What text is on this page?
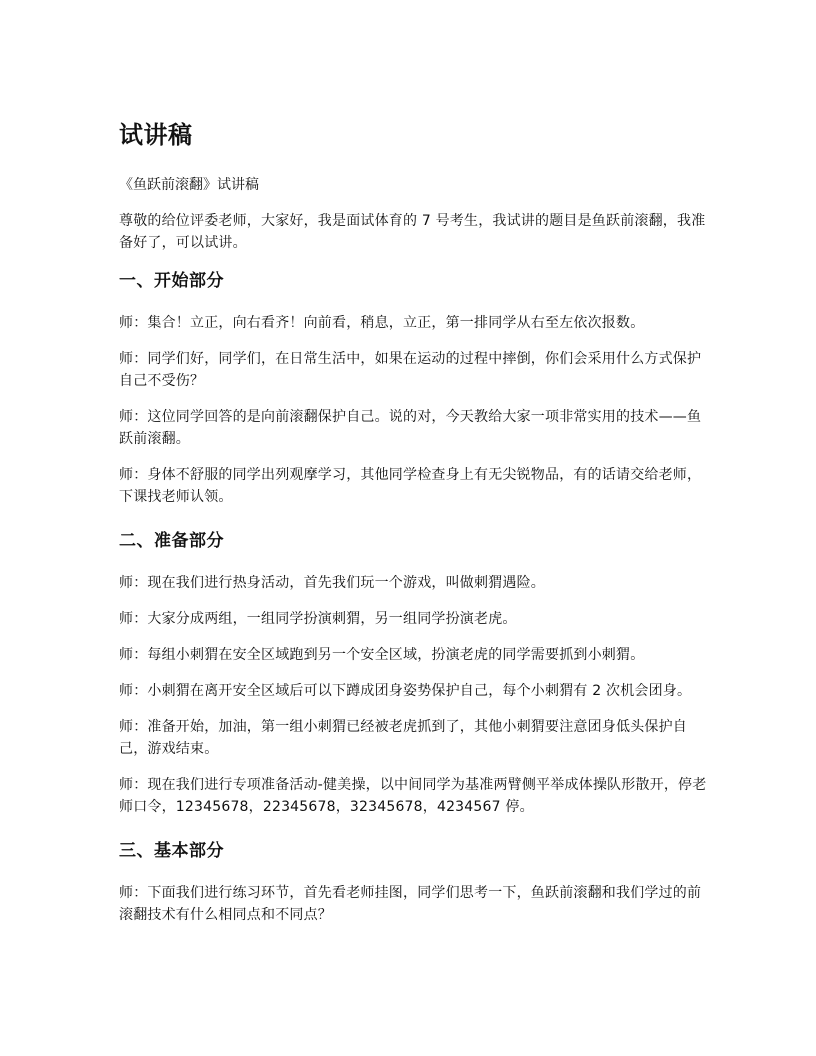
试讲稿

《鱼跃前滚翻》试讲稿

尊敬的给位评委老师，大家好，我是面试体育的 7 号考生，我试讲的题目是鱼跃前滚翻，我准备好了，可以试讲。

一、开始部分

师：集合！立正，向右看齐！向前看，稍息，立正，第一排同学从右至左依次报数。

师：同学们好，同学们，在日常生活中，如果在运动的过程中摔倒，你们会采用什么方式保护自己不受伤？

师：这位同学回答的是向前滚翻保护自己。说的对，今天教给大家一项非常实用的技术——鱼跃前滚翻。

师：身体不舒服的同学出列观摩学习，其他同学检查身上有无尖锐物品，有的话请交给老师，下课找老师认领。

二、准备部分

师：现在我们进行热身活动，首先我们玩一个游戏，叫做刺猬遇险。

师：大家分成两组，一组同学扮演刺猬，另一组同学扮演老虎。

师：每组小刺猬在安全区域跑到另一个安全区域，扮演老虎的同学需要抓到小刺猬。

师：小刺猬在离开安全区域后可以下蹲成团身姿势保护自己，每个小刺猬有 2 次机会团身。

师：准备开始，加油，第一组小刺猬已经被老虎抓到了，其他小刺猬要注意团身低头保护自己，游戏结束。

师：现在我们进行专项准备活动-健美操，以中间同学为基准两臂侧平举成体操队形散开，停老师口令，12345678，22345678，32345678，4234567 停。

三、基本部分

师：下面我们进行练习环节，首先看老师挂图，同学们思考一下，鱼跃前滚翻和我们学过的前滚翻技术有什么相同点和不同点？
